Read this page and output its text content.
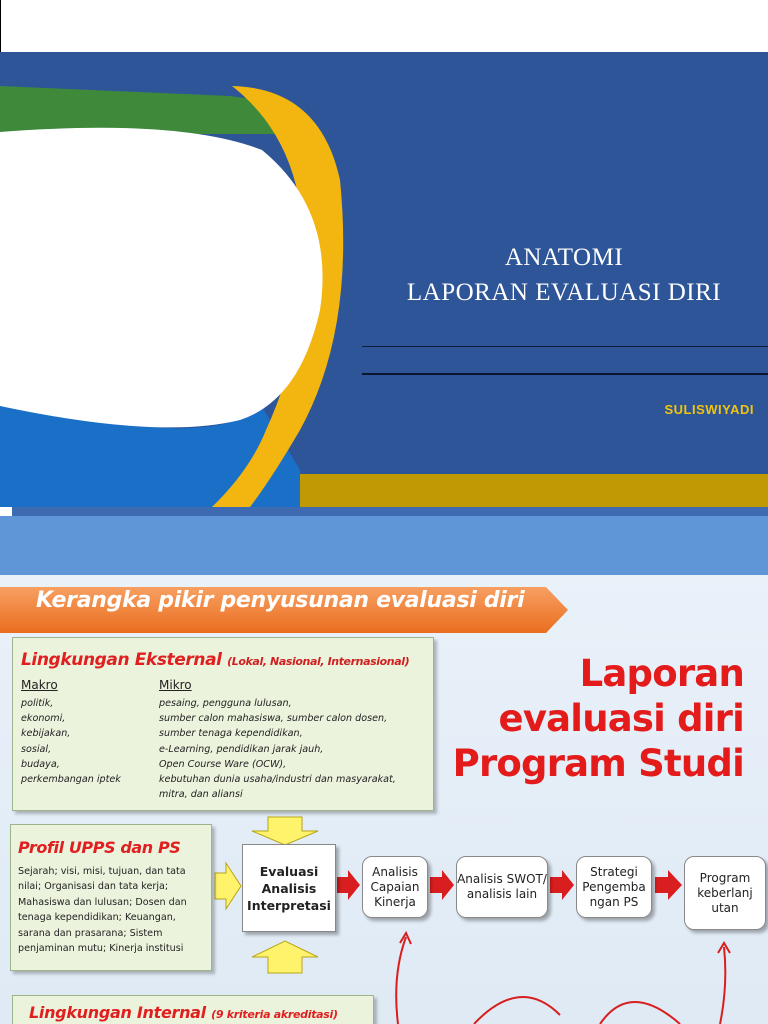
ANATOMI
LAPORAN EVALUASI DIRI
SULISWIYADI
Kerangka pikir penyusunan evaluasi diri
Lingkungan Eksternal (Lokal, Nasional, Internasional)
Makro	Mikro
politik,
ekonomi,
kebijakan,
sosial,
budaya,
perkembangan iptek
pesaing, pengguna lulusan,
sumber calon mahasiswa, sumber calon dosen,
sumber tenaga kependidikan,
e-Learning, pendidikan jarak jauh,
Open Course Ware (OCW),
kebutuhan dunia usaha/industri dan masyarakat,
mitra, dan aliansi
Laporan
evaluasi diri
Program Studi
Profil UPPS dan PS
Sejarah; visi, misi, tujuan, dan tata nilai; Organisasi dan tata kerja; Mahasiswa dan lulusan; Dosen dan tenaga kependidikan; Keuangan, sarana dan prasarana; Sistem penjaminan mutu; Kinerja institusi
Evaluasi Analisis Interpretasi
Analisis Capaian Kinerja
Analisis SWOT/ analisis lain
Strategi Pengemba ngan PS
Program keberlanj utan
Lingkungan Internal (9 kriteria akreditasi)
